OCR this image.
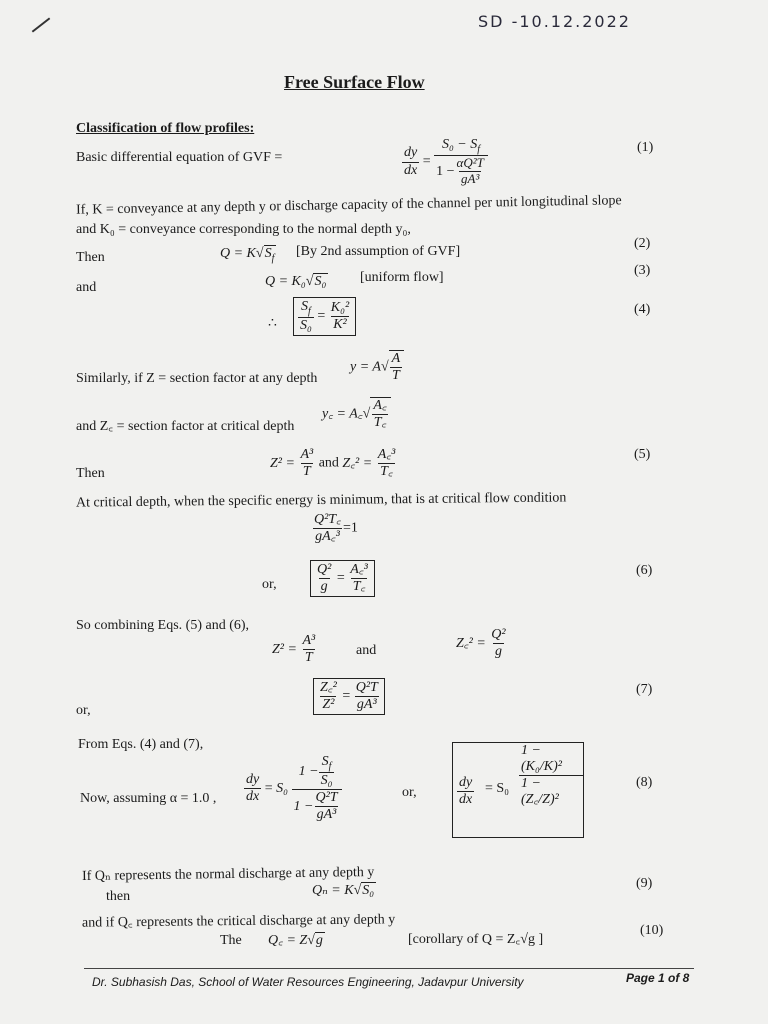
SD -10.12.2022
Free Surface Flow
Classification of flow profiles:
Basic differential equation of GVF =	$\frac{dy}{dx} = \frac{S_0 - S_f}{1 - \frac{\text{αQ²T}}{\text{gA³}}}$	(1)
If, K = conveyance at any depth y or discharge capacity of the channel per unit longitudinal slope
and K₀ = conveyance corresponding to the normal depth y₀,
Then	$Q = K√S_f$ [By 2nd assumption of GVF]
(2)
and	Q = K₀√S₀ [uniform flow]	(3)
∴ $\frac{S_f}{\text{S₀}} = \frac{\text{K₀²}}{\text{K²}}$	(4)
Similarly, if Z = section factor at any depth
$y = A√ \frac{A}{T}$
and Z꜀ = section factor at critical depth
y꜀ = A꜀√ $\frac{A꜀}{T꜀}$
Then
$Z^2 = \frac{\text{A³}}{T}$ and Z꜀² = $\frac{\text{A꜀³}}{T꜀}$	(5)
At critical depth, when the specific energy is minimum, that is at critical flow condition
$\frac{\text{Q²T꜀}}{\text{gA꜀³}} =1$
or,	$\frac{\text{Q²}}{g} = \frac{\text{A꜀³}}{T꜀}$	(6)
So combining Eqs. (5) and (6),
$Z^2 = \frac{\text{A³}}{T}$	and	Z꜀² = $\frac{\text{Q²}}{g}$
or,	$\frac{\text{Z꜀²}}{\text{Z²}} = \frac{\text{Q²T}}{\text{gA³}}$	(7)
From Eqs. (4) and (7),
Now, assuming α = 1.0 , $\frac{dy}{dx} = S_0 \frac{1 - \frac{S_f}{\text{S₀}}}{1 - \frac{\text{Q²T}}{\text{gA³}}}$	or,	$\frac{dy}{dx} = S_0 \frac{\text{1 − (K₀/K)²}}{\text{1 − (Z꜀/Z)²}}$	(8)
If Qₙ represents the normal discharge at any depth y
then	Qₙ = K√S₀	(9)
and if Q꜀ represents the critical discharge at any depth y
The Q꜀ = Z√g	[corollary of Q = Z꜀√g ]
(10)
Dr. Subhasish Das, School of Water Resources Engineering, Jadavpur University	Page 1 of 8
